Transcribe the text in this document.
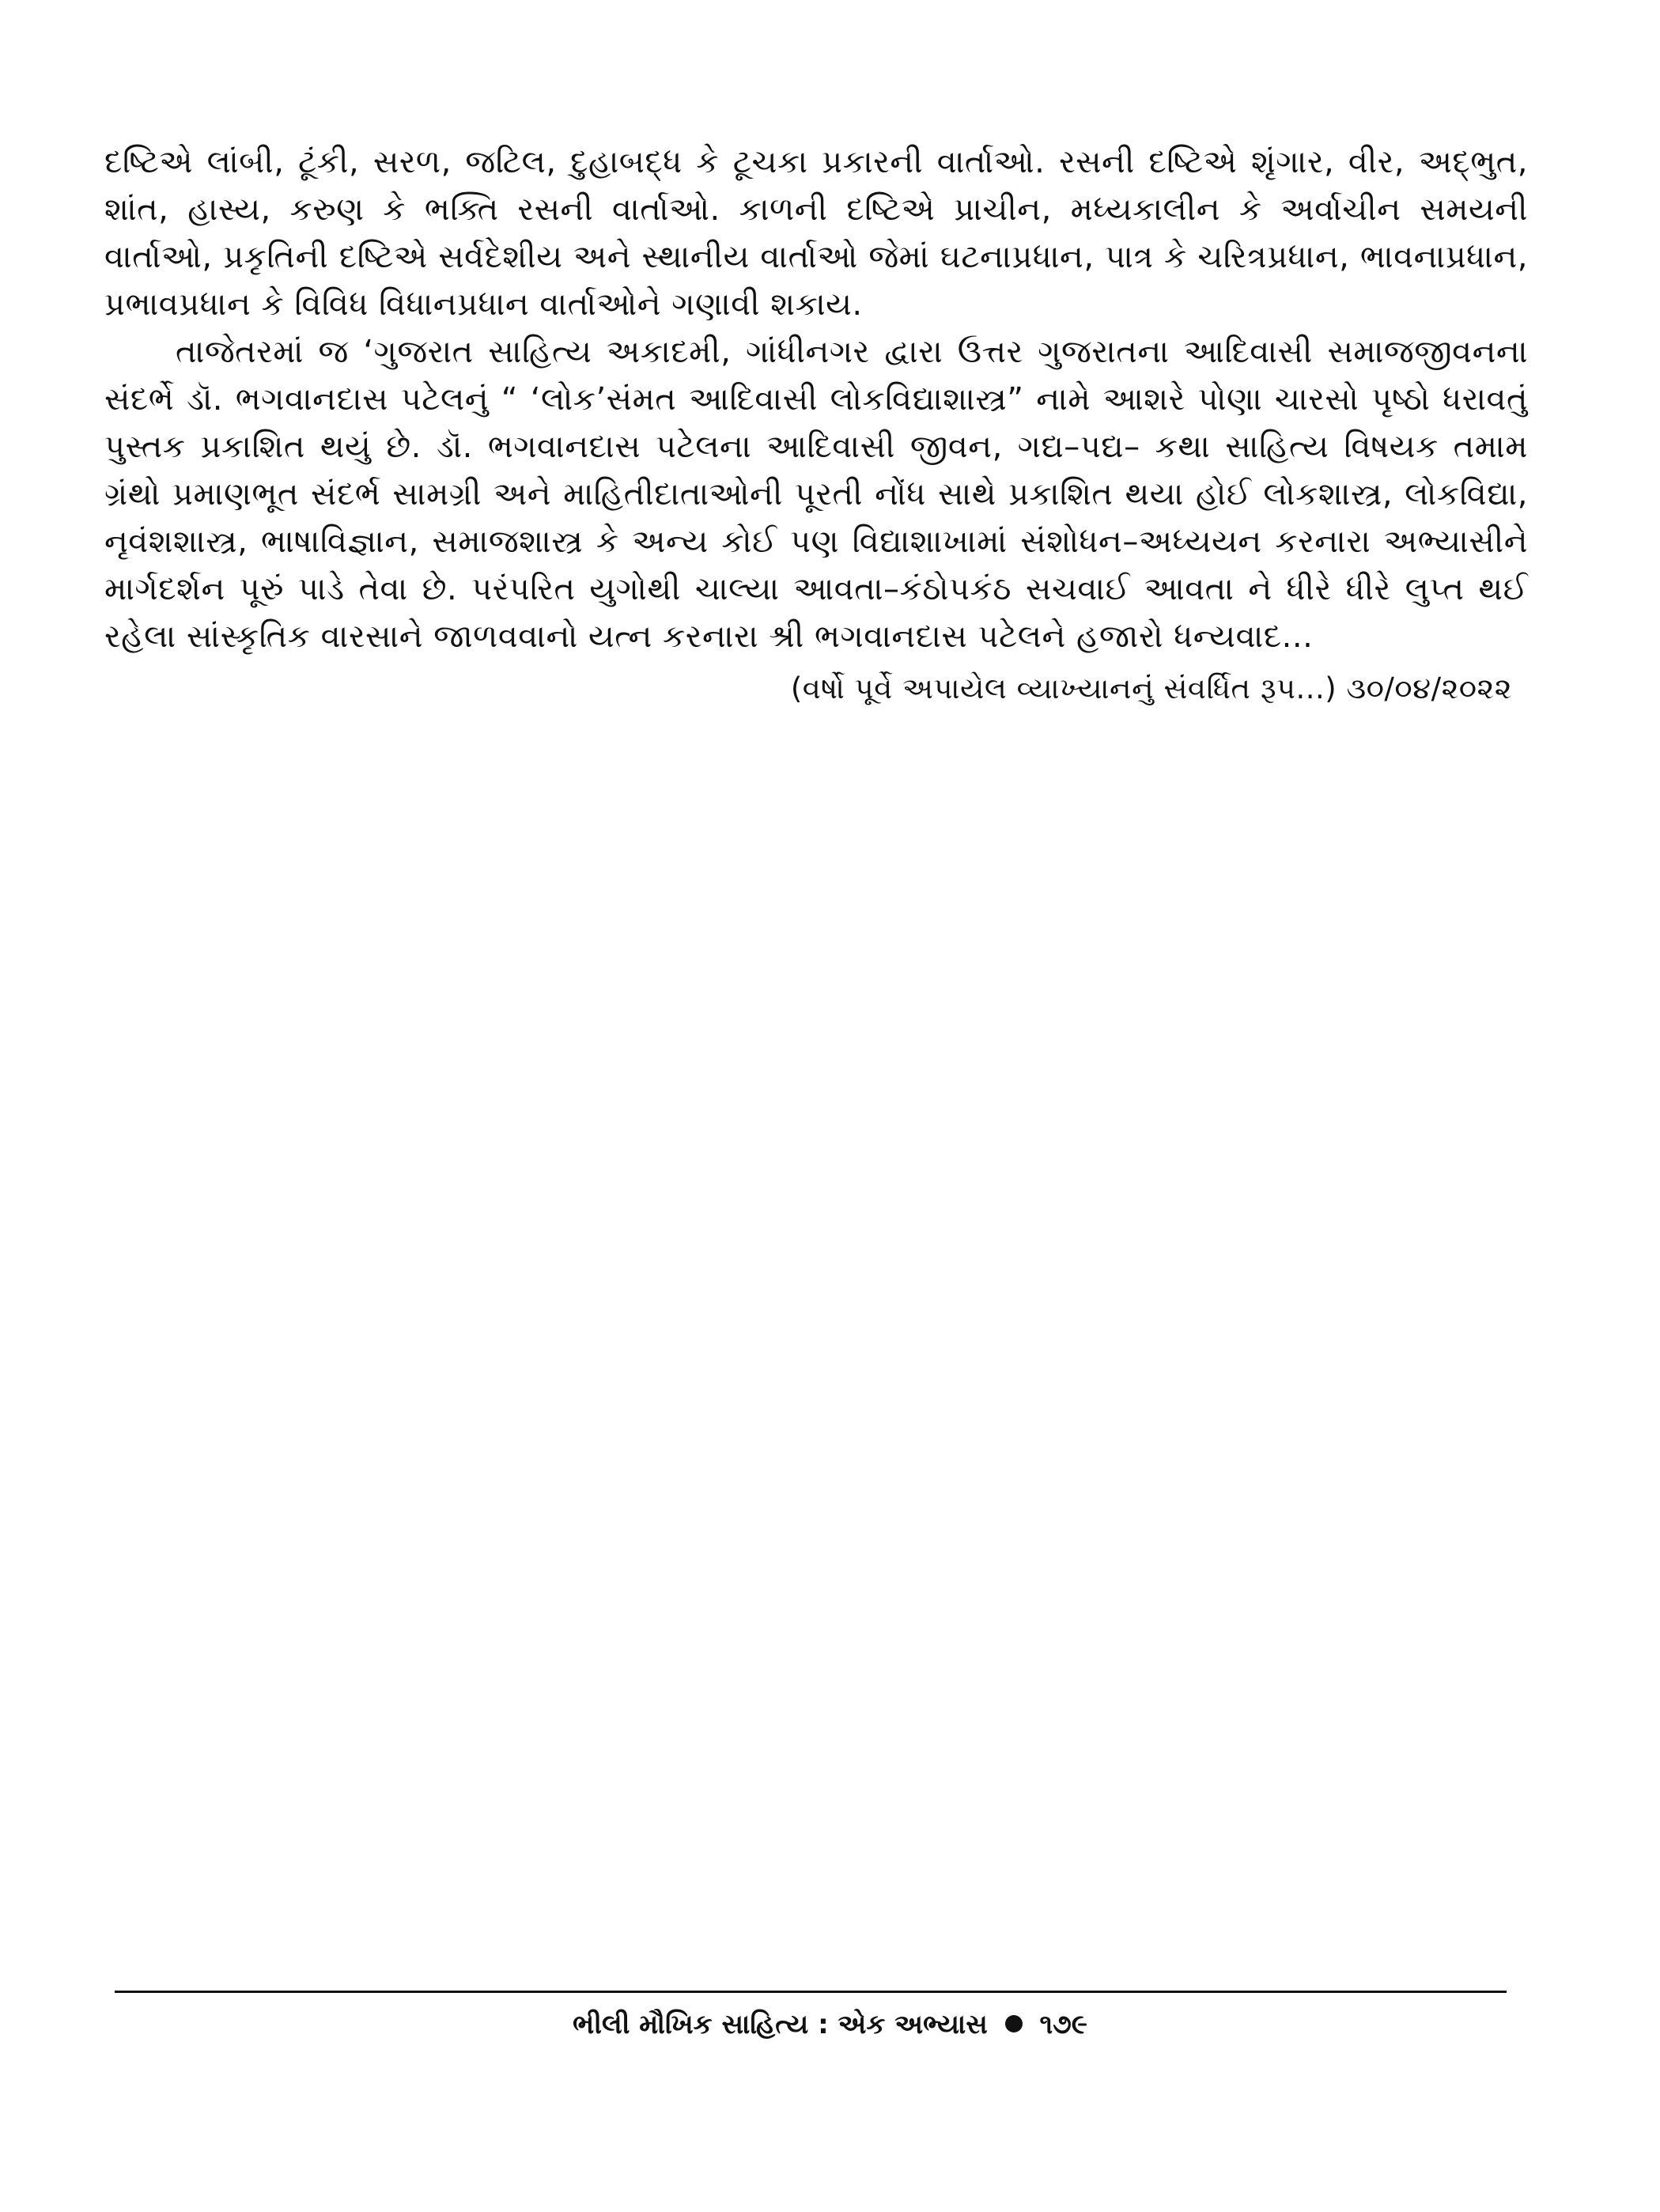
દષ્ટિએ લાંબી, ટૂંકી, સરળ, જટિલ, દુહાબદ્ધ કે ટૂચકા પ્રકારની વાર્તાઓ. રસની દષ્ટિએ શૃંગાર, વીર, અદ્ભુત, શાંત, હાસ્ય, કરુણ કે ભક્તિ રસની વાર્તાઓ. કાળની દષ્ટિએ પ્રાચીન, મધ્યકાલીન કે અર્વાચીન સમયની વાર્તાઓ, પ્રકૃતિની દષ્ટિએ સર્વદેશીય અને સ્થાનીય વાર્તાઓ જેમાં ઘટનાપ્રધાન, પાત્ર કે ચરિત્રપ્રધાન, ભાવનાપ્રધાન, પ્રભાવપ્રધાન કે વિવિધ વિધાનપ્રધાન વાર્તાઓને ગણાવી શકાય.

તાજેતરમાં જ ‘ગુજરાત સાહિત્ય અકાદમી, ગાંધીનગર દ્વારા ઉત્તર ગુજરાતના આદિવાસી સમાજજીવનના સંદર્ભે ડૉ. ભગવાનદાસ પટેલનું “ ‘લોક’સંમત આદિવાસી લોકવિદ્યાશાસ્ત્ર” નામે આશરે પોણા ચારસો પૃષ્ઠો ધરાવતું પુસ્તક પ્રકાશિત થયું છે. ડૉ. ભગવાનદાસ પટેલના આદિવાસી જીવન, ગદ્ય–પદ્ય– કથા સાહિત્ય વિષયક તમામ ગ્રંથો પ્રમાણભૂત સંદર્ભ સામગ્રી અને માહિતીદાતાઓની પૂરતી નોંધ સાથે પ્રકાશિત થયા હોઈ લોકશાસ્ત્ર, લોકવિદ્યા, નૃવંશશાસ્ત્ર, ભાષાવિજ્ઞાન, સમાજશાસ્ત્ર કે અન્ય કોઈ પણ વિદ્યાશાખામાં સંશોધન–અધ્યયન કરનારા અભ્યાસીને માર્ગદર્શન પૂરું પાડે તેવા છે. પરંપરિત યુગોથી ચાલ્યા આવતા–કંઠોપકંઠ સચવાઈ આવતા ને ધીરે ધીરે લુપ્ત થઈ રહેલા સાંસ્કૃતિક વારસાને જાળવવાનો યત્ન કરનારા શ્રી ભગવાનદાસ પટેલને હજારો ધન્યવાદ...

(વર્ષો પૂર્વે અપાયેલ વ્યાખ્યાનનું સંવર્ધિત રૂપ...) ૩૦/૦૪/૨૦૨૨

ભીલી મૌખિક સાહિત્ય : એક અભ્યાસ ૧૭૯
